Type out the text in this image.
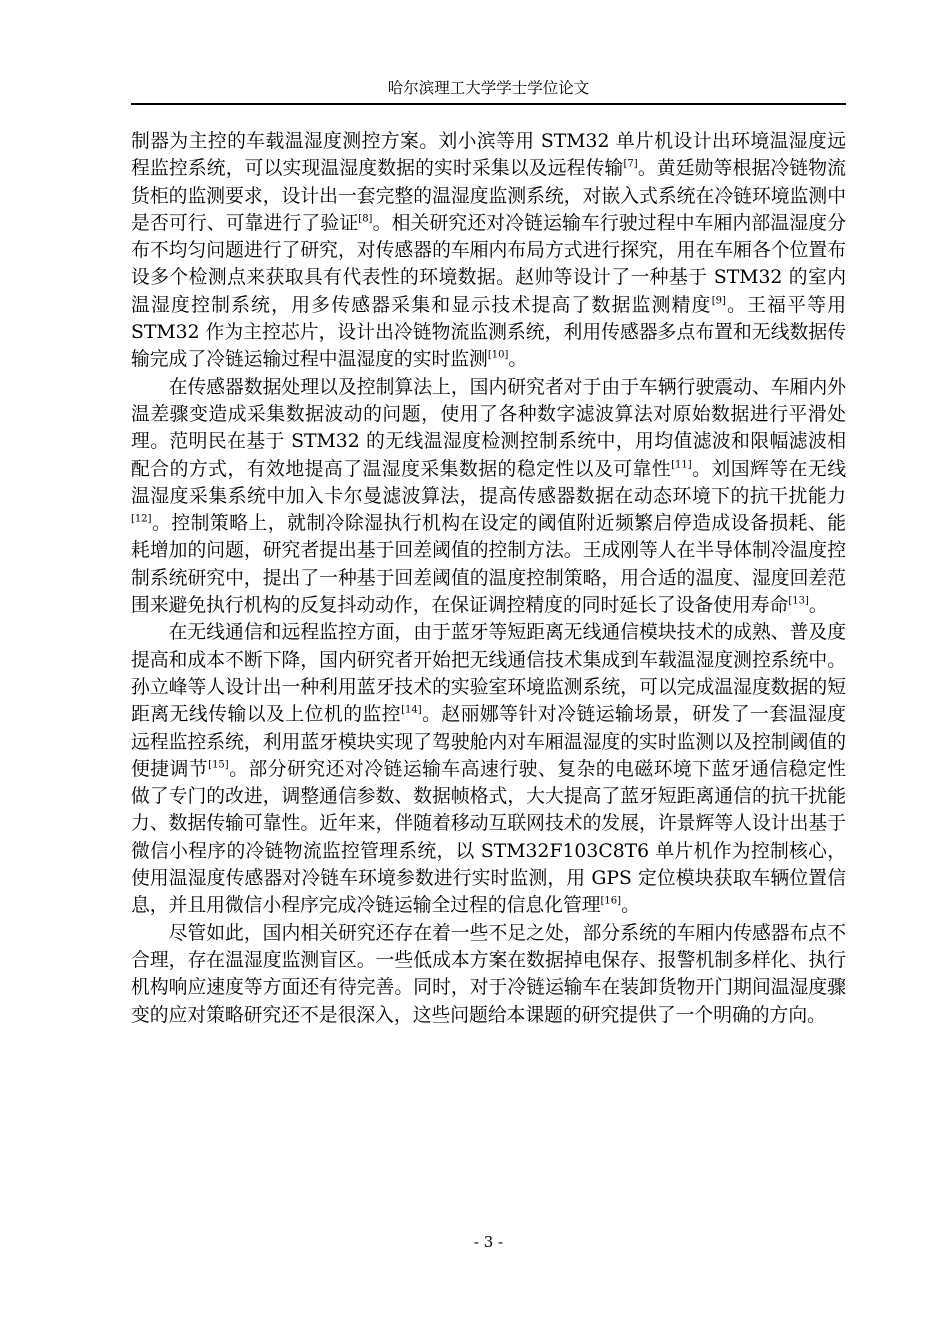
哈尔滨理工大学学士学位论文

制器为主控的车载温湿度测控方案。刘小滨等用 STM32 单片机设计出环境温湿度远程监控系统，可以实现温湿度数据的实时采集以及远程传输[7]。黄廷勋等根据冷链物流货柜的监测要求，设计出一套完整的温湿度监测系统，对嵌入式系统在冷链环境监测中是否可行、可靠进行了验证[8]。相关研究还对冷链运输车行驶过程中车厢内部温湿度分布不均匀问题进行了研究，对传感器的车厢内布局方式进行探究，用在车厢各个位置布设多个检测点来获取具有代表性的环境数据。赵帅等设计了一种基于 STM32 的室内温湿度控制系统，用多传感器采集和显示技术提高了数据监测精度[9]。王福平等用 STM32 作为主控芯片，设计出冷链物流监测系统，利用传感器多点布置和无线数据传输完成了冷链运输过程中温湿度的实时监测[10]。

在传感器数据处理以及控制算法上，国内研究者对于由于车辆行驶震动、车厢内外温差骤变造成采集数据波动的问题，使用了各种数字滤波算法对原始数据进行平滑处理。范明民在基于 STM32 的无线温湿度检测控制系统中，用均值滤波和限幅滤波相配合的方式，有效地提高了温湿度采集数据的稳定性以及可靠性[11]。刘国辉等在无线温湿度采集系统中加入卡尔曼滤波算法，提高传感器数据在动态环境下的抗干扰能力[12]。控制策略上，就制冷除湿执行机构在设定的阈值附近频繁启停造成设备损耗、能耗增加的问题，研究者提出基于回差阈值的控制方法。王成刚等人在半导体制冷温度控制系统研究中，提出了一种基于回差阈值的温度控制策略，用合适的温度、湿度回差范围来避免执行机构的反复抖动动作，在保证调控精度的同时延长了设备使用寿命[13]。

在无线通信和远程监控方面，由于蓝牙等短距离无线通信模块技术的成熟、普及度提高和成本不断下降，国内研究者开始把无线通信技术集成到车载温湿度测控系统中。孙立峰等人设计出一种利用蓝牙技术的实验室环境监测系统，可以完成温湿度数据的短距离无线传输以及上位机的监控[14]。赵丽娜等针对冷链运输场景，研发了一套温湿度远程监控系统，利用蓝牙模块实现了驾驶舱内对车厢温湿度的实时监测以及控制阈值的便捷调节[15]。部分研究还对冷链运输车高速行驶、复杂的电磁环境下蓝牙通信稳定性做了专门的改进，调整通信参数、数据帧格式，大大提高了蓝牙短距离通信的抗干扰能力、数据传输可靠性。近年来，伴随着移动互联网技术的发展，许景辉等人设计出基于微信小程序的冷链物流监控管理系统，以 STM32F103C8T6 单片机作为控制核心，使用温湿度传感器对冷链车环境参数进行实时监测，用 GPS 定位模块获取车辆位置信息，并且用微信小程序完成冷链运输全过程的信息化管理[16]。

尽管如此，国内相关研究还存在着一些不足之处，部分系统的车厢内传感器布点不合理，存在温湿度监测盲区。一些低成本方案在数据掉电保存、报警机制多样化、执行机构响应速度等方面还有待完善。同时，对于冷链运输车在装卸货物开门期间温湿度骤变的应对策略研究还不是很深入，这些问题给本课题的研究提供了一个明确的方向。

- 3 -
